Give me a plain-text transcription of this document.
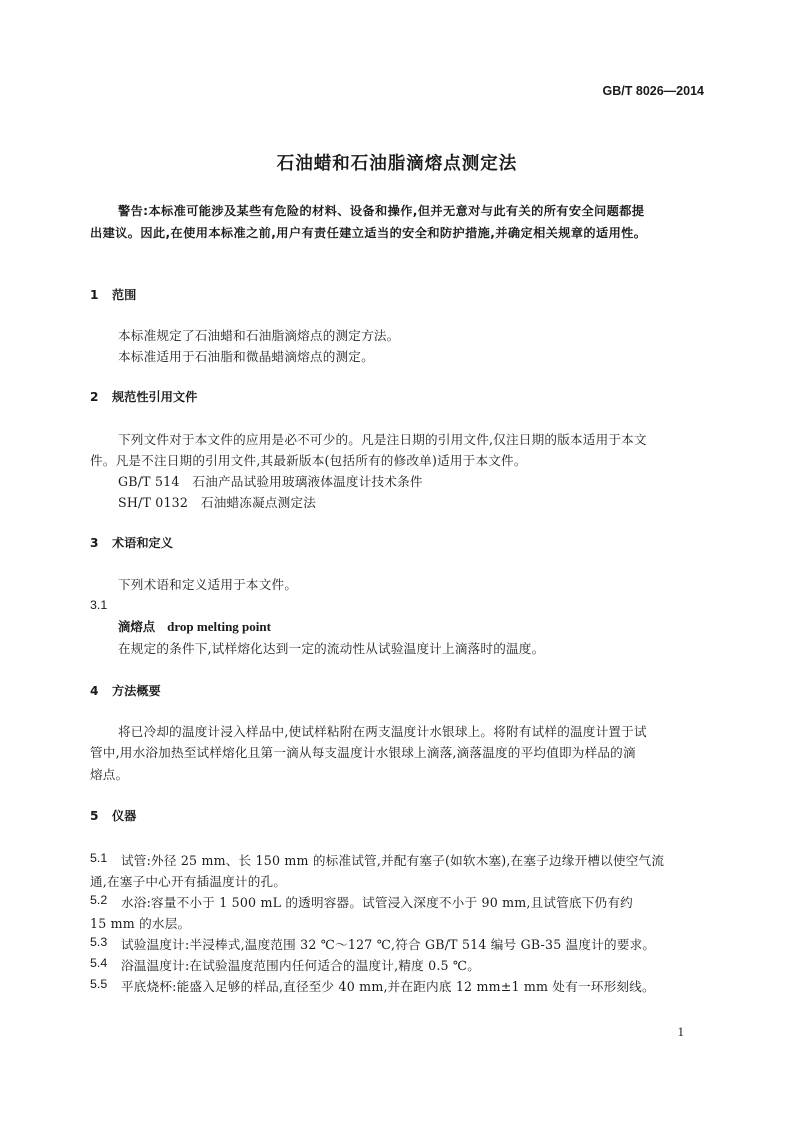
GB/T 8026—2014
石油蜡和石油脂滴熔点测定法
警告:本标准可能涉及某些有危险的材料、设备和操作,但并无意对与此有关的所有安全问题都提
出建议。因此,在使用本标准之前,用户有责任建立适当的安全和防护措施,并确定相关规章的适用性。
1 范围
本标准规定了石油蜡和石油脂滴熔点的测定方法。
本标准适用于石油脂和微晶蜡滴熔点的测定。
2 规范性引用文件
下列文件对于本文件的应用是必不可少的。凡是注日期的引用文件,仅注日期的版本适用于本文
件。凡是不注日期的引用文件,其最新版本(包括所有的修改单)适用于本文件。
GB/T 514　石油产品试验用玻璃液体温度计技术条件
SH/T 0132　石油蜡冻凝点测定法
3 术语和定义
下列术语和定义适用于本文件。
3.1
滴熔点 drop melting point
在规定的条件下,试样熔化达到一定的流动性从试验温度计上滴落时的温度。
4 方法概要
将已冷却的温度计浸入样品中,使试样粘附在两支温度计水银球上。将附有试样的温度计置于试
管中,用水浴加热至试样熔化且第一滴从每支温度计水银球上滴落,滴落温度的平均值即为样品的滴
熔点。
5 仪器
5.1 试管:外径 25 mm、长 150 mm 的标准试管,并配有塞子(如软木塞),在塞子边缘开槽以使空气流
通,在塞子中心开有插温度计的孔。
5.2 水浴:容量不小于 1 500 mL 的透明容器。试管浸入深度不小于 90 mm,且试管底下仍有约
15 mm 的水层。
5.3 试验温度计:半浸棒式,温度范围 32 ℃～127 ℃,符合 GB/T 514 编号 GB-35 温度计的要求。
5.4 浴温温度计:在试验温度范围内任何适合的温度计,精度 0.5 ℃。
5.5 平底烧杯:能盛入足够的样品,直径至少 40 mm,并在距内底 12 mm±1 mm 处有一环形刻线。
1
